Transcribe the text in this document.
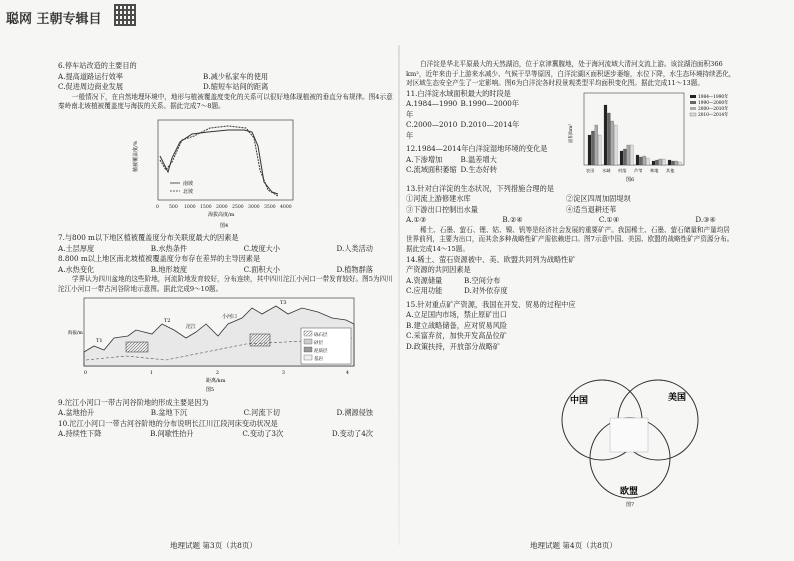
聪网 王朝专辑目

6.停车站改造的主要目的

A.提高道路运行效率	B.减少私家车的使用
C.促进周边商业发展	D.缩短车站间的距离

一般情况下，在自然地理环境中，地形与植被覆盖度变化的关系可以很好地体现植被的垂直分布规律。图4示意秦岭南北坡植被覆盖度与海拔的关系。据此完成7～8题。

南坡
北坡
植被覆盖度/%
0 500 1000 1500 2000 2500 3000 3500 4000
海拔高度/m
图4

7.与800 m以下地区植被覆盖度分布关联度最大的因素是

A.土层厚度	B.水热条件	C.坡度大小	D.人类活动

8.800 m以上地区南北坡植被覆盖度分布存在差异的主导因素是

A.水热变化	B.地形坡度	C.面积大小	D.植物群落

学界认为四川盆地的这些阶地，河流阶地发育较好，分布连续，其中四川沱江小河口一带发育较好。图5为四川沱江小河口一带古河谷阶地示意图。据此完成9～10题。

砾石层
砂层
泥质层
基岩
T1
T2
T3
沱江
小河口
海拔/m
0	1	2	3	4
距离/km
图5

9.沱江小河口一带古河谷阶地的形成主要是因为

A.盆地抬升	B.盆地下沉	C.河流下切	D.溯源侵蚀

10.沱江小河口一带古河谷阶地的分布说明长江川江段河床变动状况是

A.持续性下降	B.间歇性抬升	C.变动了3次	D.变动了4次
地理试题 第3页（共8页）

白洋淀是华北平原最大的天然湖泊，位于京津冀腹地，处于海河流域大清河支流上游。该淀湖泊面积366 km²，近年来由于上游来水减少、气候干旱等原因，白洋淀湖区面积逐步萎缩，水位下降，水生态环境持续恶化，对区域生态安全产生了一定影响。图6为白洋淀各时段景观类型平均面积变化图。据此完成11～13题。

11.白洋淀水域面积最大的时段是

A.1984—1990年
B.1990—2000年
C.2000—2010年
D.2010—2014年

12.1984—2014年白洋淀湿地环境的变化是

A.下渗增加	B.温差增大
C.流域面积萎缩 D.生态好转
1984—1990年
1990—2000年
2000—2010年
2010—2014年
农田 水域 村落 芦苇 林地 其他
面积/hm²
图6

13.针对白洋淀的生态状况，下列措施合理的是

①河流上游修建水库	②淀区四周加固堤坝
③下游出口控制出水量	④适当退耕还苇
A.①③	B.②④	C.①④	D.③④

稀土、石墨、萤石、锂、钴、镍、钒等是经济社会发展的重要矿产。我国稀土、石墨、萤石储量和产量均居世界前列，主要为出口，而其余多种战略性矿产需依赖进口。图7示意中国、美国、欧盟的战略性矿产资源分布。据此完成14～15题。

14.稀土、萤石资源被中、美、欧盟共同列为战略性矿产资源的共同因素是

A.资源储量	B.空间分布
C.应用功能	D.对外依存度

15.针对重点矿产资源，我国在开发、贸易的过程中应

A.立足国内市场，禁止原矿出口

B.建立战略储备，应对贸易风险

C.采富弃贫，加快开发高品位矿

D.政策扶持，开放部分战略矿

中国	美国
欧盟
图7
地理试题 第4页（共8页）
